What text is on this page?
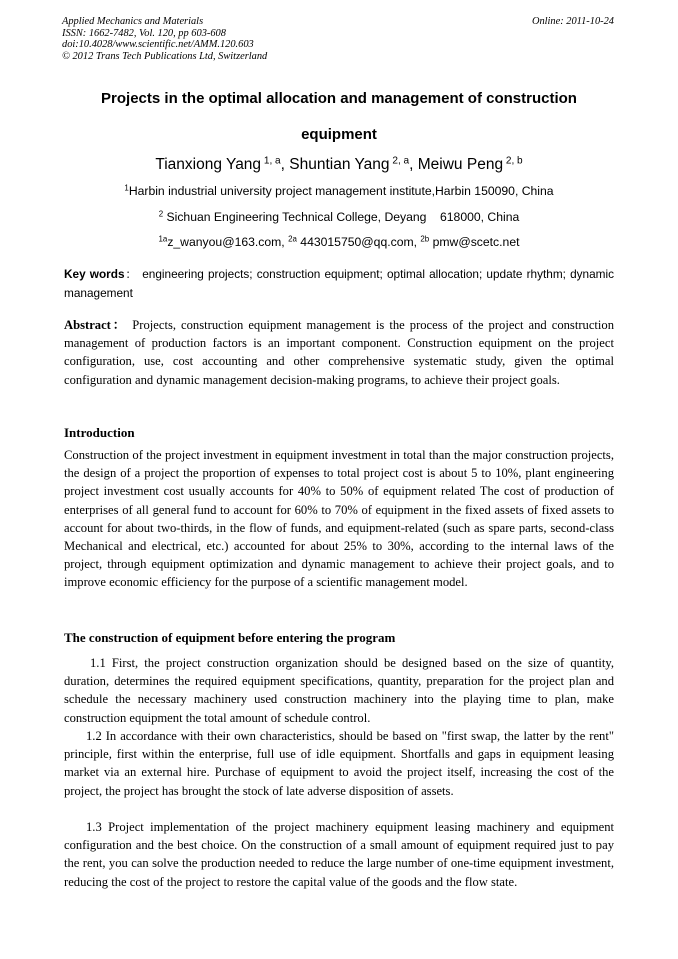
Applied Mechanics and Materials
ISSN: 1662-7482, Vol. 120, pp 603-608
doi:10.4028/www.scientific.net/AMM.120.603
© 2012 Trans Tech Publications Ltd, Switzerland
Online: 2011-10-24
Projects in the optimal allocation and management of construction
equipment
Tianxiong Yang $^{1, a}$, Shuntian Yang $^{2, a}$, Meiwu Peng $^{2, b}$
$^1$Harbin industrial university project management institute,Harbin 150090, China
$^2$ Sichuan Engineering Technical College, Deyang    618000, China
$^{1a}$z_wanyou@163.com, $^{2a}$ 443015750@qq.com, $^{2b}$ pmw@scetc.net
Key words： engineering projects; construction equipment; optimal allocation; update rhythm; dynamic management
Abstract： Projects, construction equipment management is the process of the project and construction management of production factors is an important component. Construction equipment on the project configuration, use, cost accounting and other comprehensive systematic study, given the optimal configuration and dynamic management decision-making programs, to achieve their project goals.
Introduction

Construction of the project investment in equipment investment in total than the major construction projects, the design of a project the proportion of expenses to total project cost is about 5 to 10%, plant engineering project investment cost usually accounts for 40% to 50% of equipment related The cost of production of enterprises of all general fund to account for 60% to 70% of equipment in the fixed assets of fixed assets to account for about two-thirds, in the flow of funds, and equipment-related (such as spare parts, second-class Mechanical and electrical, etc.) accounted for about 25% to 30%, according to the internal laws of the project, through equipment optimization and dynamic management to achieve their project goals, and to improve economic efficiency for the purpose of a scientific management model.

The construction of equipment before entering the program

1.1 First, the project construction organization should be designed based on the size of quantity, duration, determines the required equipment specifications, quantity, preparation for the project plan and schedule the necessary machinery used construction machinery into the playing time to plan, make construction equipment the total amount of schedule control.

1.2 In accordance with their own characteristics, should be based on "first swap, the latter by the rent" principle, first within the enterprise, full use of idle equipment. Shortfalls and gaps in equipment leasing market via an external hire. Purchase of equipment to avoid the project itself, increasing the cost of the project, the project has brought the stock of late adverse disposition of assets.

1.3 Project implementation of the project machinery equipment leasing machinery and equipment configuration and the best choice. On the construction of a small amount of equipment required just to pay the rent, you can solve the production needed to reduce the large number of one-time equipment investment, reducing the cost of the project to restore the capital value of the goods and the flow state.
